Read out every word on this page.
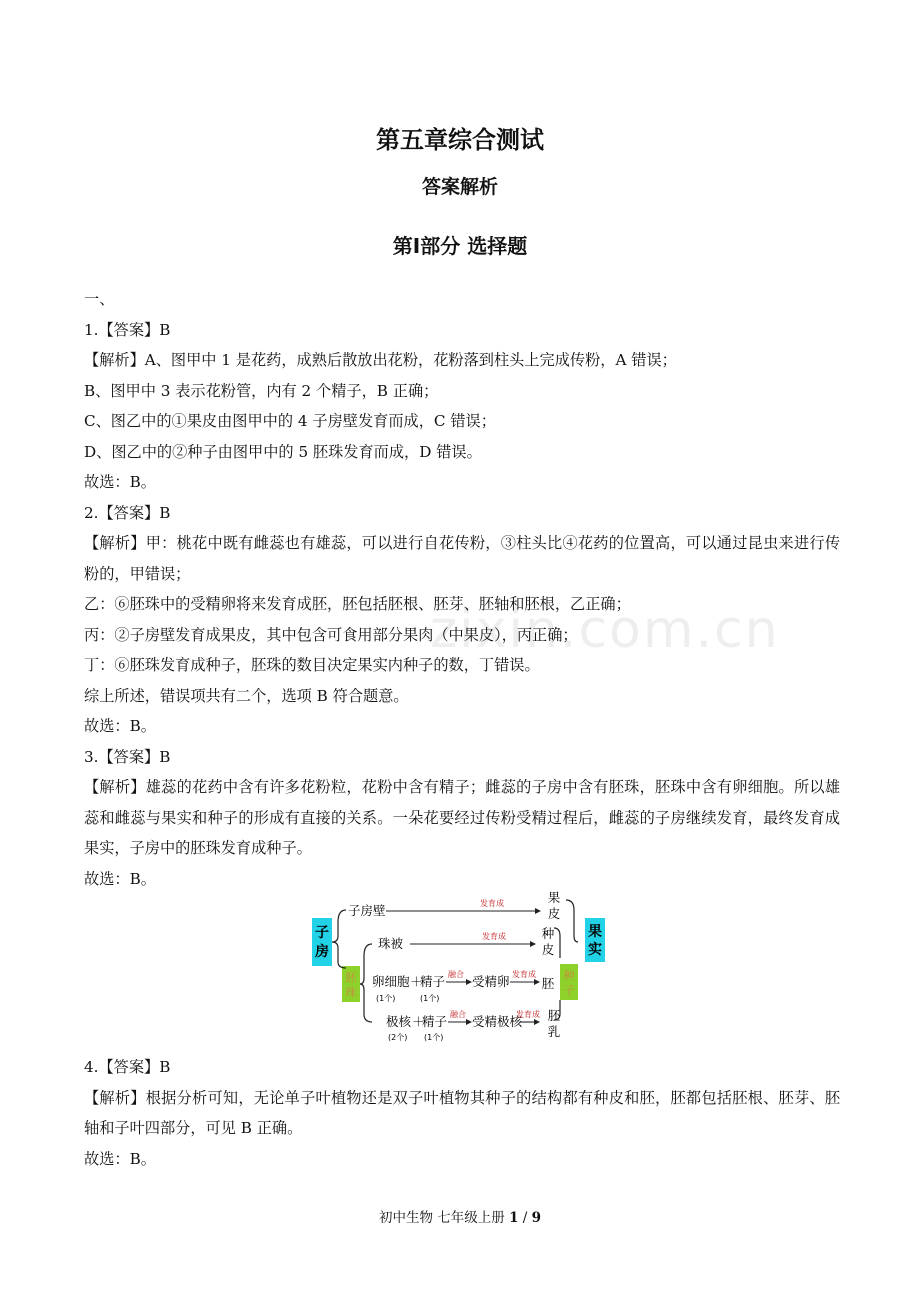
第五章综合测试
答案解析
第Ⅰ部分 选择题
zixin.com.cn
一、
1.【答案】B
【解析】A、图甲中 1 是花药，成熟后散放出花粉，花粉落到柱头上完成传粉，A 错误；
B、图甲中 3 表示花粉管，内有 2 个精子，B 正确；
C、图乙中的①果皮由图甲中的 4 子房壁发育而成，C 错误；
D、图乙中的②种子由图甲中的 5 胚珠发育而成，D 错误。
故选：B。
2.【答案】B
【解析】甲：桃花中既有雌蕊也有雄蕊，可以进行自花传粉，③柱头比④花药的位置高，可以通过昆虫来进行传粉的，甲错误；
乙：⑥胚珠中的受精卵将来发育成胚，胚包括胚根、胚芽、胚轴和胚根，乙正确；
丙：②子房壁发育成果皮，其中包含可食用部分果肉（中果皮），丙正确；
丁：⑥胚珠发育成种子，胚珠的数目决定果实内种子的数，丁错误。
综上所述，错误项共有二个，选项 B 符合题意。
故选：B。
3.【答案】B
【解析】雄蕊的花药中含有许多花粉粒，花粉中含有精子；雌蕊的子房中含有胚珠，胚珠中含有卵细胞。所以雄蕊和雌蕊与果实和种子的形成有直接的关系。一朵花要经过传粉受精过程后，雌蕊的子房继续发育，最终发育成果实，子房中的胚珠发育成种子。
故选：B。
子
房
胚
珠
果
实
种
子
子房壁
珠被
卵细胞 ＋
精子
(1个)	(1个)
受精卵
极核 ＋
精子
(2个) (1个)
受精极核
果
皮
种
皮
胚
胚
乳
发育成
发育成
融合	发育成
融合	发育成
4.【答案】B
【解析】根据分析可知，无论单子叶植物还是双子叶植物其种子的结构都有种皮和胚，胚都包括胚根、胚芽、胚轴和子叶四部分，可见 B 正确。
故选：B。
初中生物 七年级上册 1 / 9
